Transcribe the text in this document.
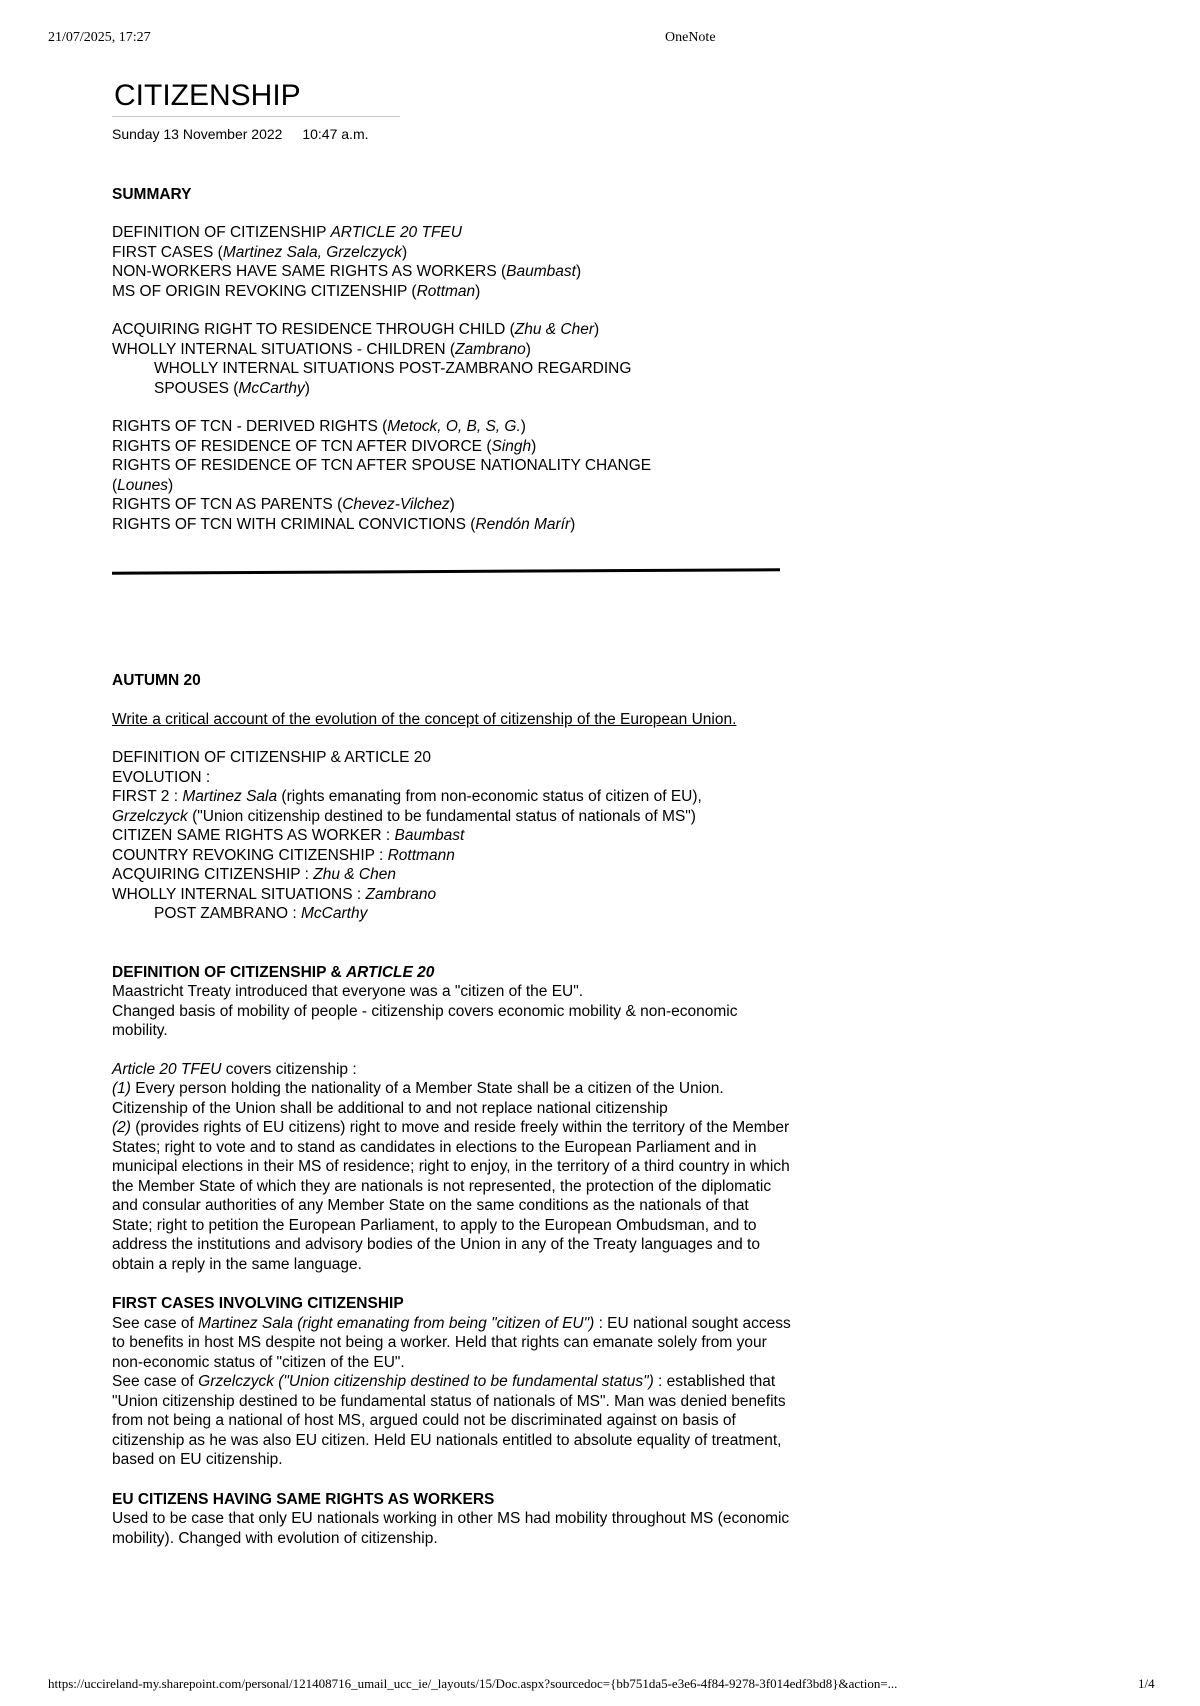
21/07/2025, 17:27	OneNote
CITIZENSHIP
Sunday 13 November 2022 10:47 a.m.
SUMMARY

DEFINITION OF CITIZENSHIP ARTICLE 20 TFEU

FIRST CASES (Martinez Sala, Grzelczyck)

NON-WORKERS HAVE SAME RIGHTS AS WORKERS (Baumbast)

MS OF ORIGIN REVOKING CITIZENSHIP (Rottman)

ACQUIRING RIGHT TO RESIDENCE THROUGH CHILD (Zhu & Cher)

WHOLLY INTERNAL SITUATIONS - CHILDREN (Zambrano)

WHOLLY INTERNAL SITUATIONS POST-ZAMBRANO REGARDING

SPOUSES (McCarthy)

RIGHTS OF TCN - DERIVED RIGHTS (Metock, O, B, S, G.)

RIGHTS OF RESIDENCE OF TCN AFTER DIVORCE (Singh)

RIGHTS OF RESIDENCE OF TCN AFTER SPOUSE NATIONALITY CHANGE

(Lounes)

RIGHTS OF TCN AS PARENTS (Chevez-Vilchez)

RIGHTS OF TCN WITH CRIMINAL CONVICTIONS (Rendón Marír)

AUTUMN 20

Write a critical account of the evolution of the concept of citizenship of the European Union.

DEFINITION OF CITIZENSHIP & ARTICLE 20

EVOLUTION :

FIRST 2 : Martinez Sala (rights emanating from non-economic status of citizen of EU),

Grzelczyck ("Union citizenship destined to be fundamental status of nationals of MS")

CITIZEN SAME RIGHTS AS WORKER : Baumbast

COUNTRY REVOKING CITIZENSHIP : Rottmann

ACQUIRING CITIZENSHIP : Zhu & Chen

WHOLLY INTERNAL SITUATIONS : Zambrano

POST ZAMBRANO : McCarthy

DEFINITION OF CITIZENSHIP & ARTICLE 20

Maastricht Treaty introduced that everyone was a "citizen of the EU".

Changed basis of mobility of people - citizenship covers economic mobility & non-economic mobility.

Article 20 TFEU covers citizenship :

(1) Every person holding the nationality of a Member State shall be a citizen of the Union. Citizenship of the Union shall be additional to and not replace national citizenship

(2) (provides rights of EU citizens) right to move and reside freely within the territory of the Member States; right to vote and to stand as candidates in elections to the European Parliament and in municipal elections in their MS of residence; right to enjoy, in the territory of a third country in which the Member State of which they are nationals is not represented, the protection of the diplomatic and consular authorities of any Member State on the same conditions as the nationals of that State; right to petition the European Parliament, to apply to the European Ombudsman, and to address the institutions and advisory bodies of the Union in any of the Treaty languages and to obtain a reply in the same language.

FIRST CASES INVOLVING CITIZENSHIP

See case of Martinez Sala (right emanating from being "citizen of EU") : EU national sought access to benefits in host MS despite not being a worker. Held that rights can emanate solely from your non-economic status of "citizen of the EU".

See case of Grzelczyck ("Union citizenship destined to be fundamental status") : established that "Union citizenship destined to be fundamental status of nationals of MS". Man was denied benefits from not being a national of host MS, argued could not be discriminated against on basis of citizenship as he was also EU citizen. Held EU nationals entitled to absolute equality of treatment, based on EU citizenship.

EU CITIZENS HAVING SAME RIGHTS AS WORKERS

Used to be case that only EU nationals working in other MS had mobility throughout MS (economic mobility). Changed with evolution of citizenship.

https://uccireland-my.sharepoint.com/personal/121408716_umail_ucc_ie/_layouts/15/Doc.aspx?sourcedoc={bb751da5-e3e6-4f84-9278-3f014edf3bd8}&action=...	1/4
